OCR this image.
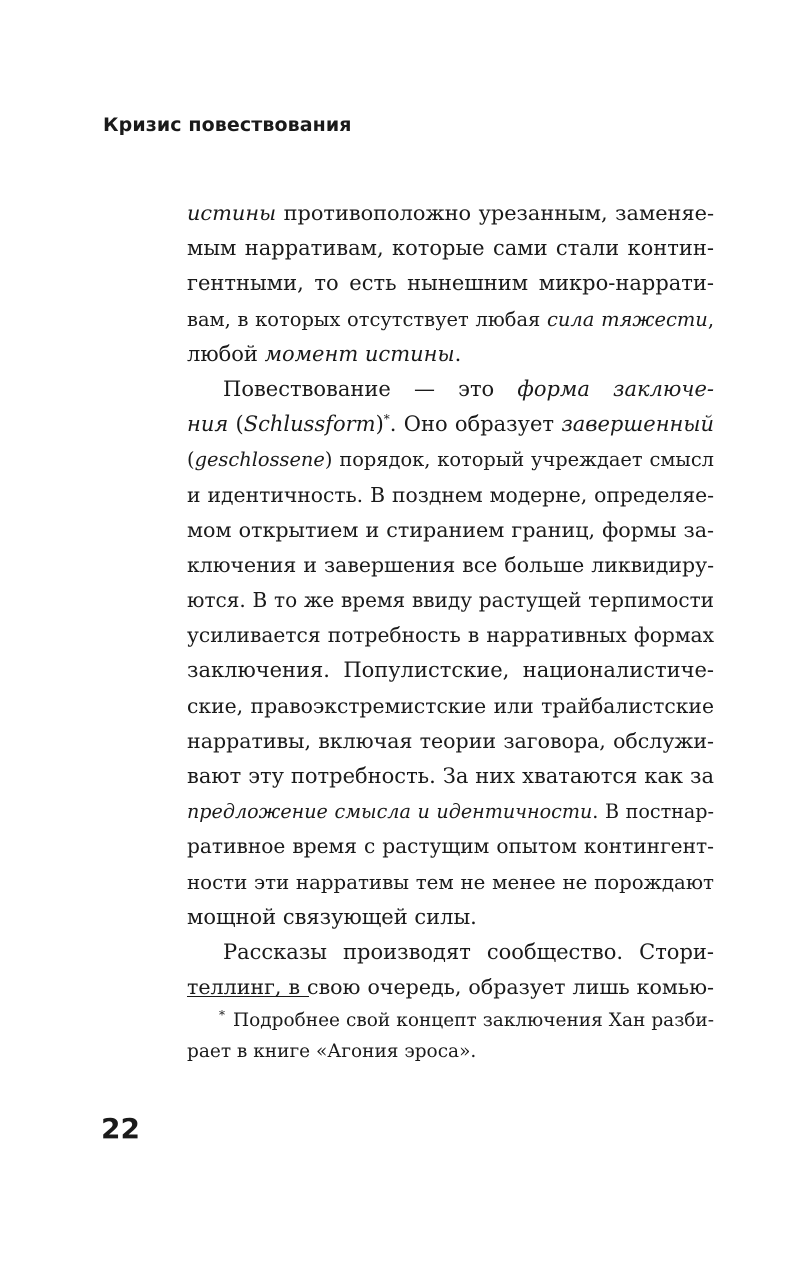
Кризис повествования
истины противоположно урезанным, заменяе-
мым нарративам, которые сами стали контин-
гентными, то есть нынешним микро-наррати-
вам, в которых отсутствует любая сила тяжести,
любой момент истины.
Повествование — это форма заключе-
ния (Schlussform)*. Оно образует завершенный
(geschlossene) порядок, который учреждает смысл
и идентичность. В позднем модерне, определяе-
мом открытием и стиранием границ, формы за-
ключения и завершения все больше ликвидиру-
ются. В то же время ввиду растущей терпимости
усиливается потребность в нарративных формах
заключения. Популистские, националистиче-
ские, правоэкстремистские или трайбалистские
нарративы, включая теории заговора, обслужи-
вают эту потребность. За них хватаются как за
предложение смысла и идентичности. В постнар-
ративное время с растущим опытом контингент-
ности эти нарративы тем не менее не порождают
мощной связующей силы.
Рассказы производят сообщество. Стори-
теллинг, в свою очередь, образует лишь комью-
* Подробнее свой концепт заключения Хан разби-
рает в книге «Агония эроса».
22
